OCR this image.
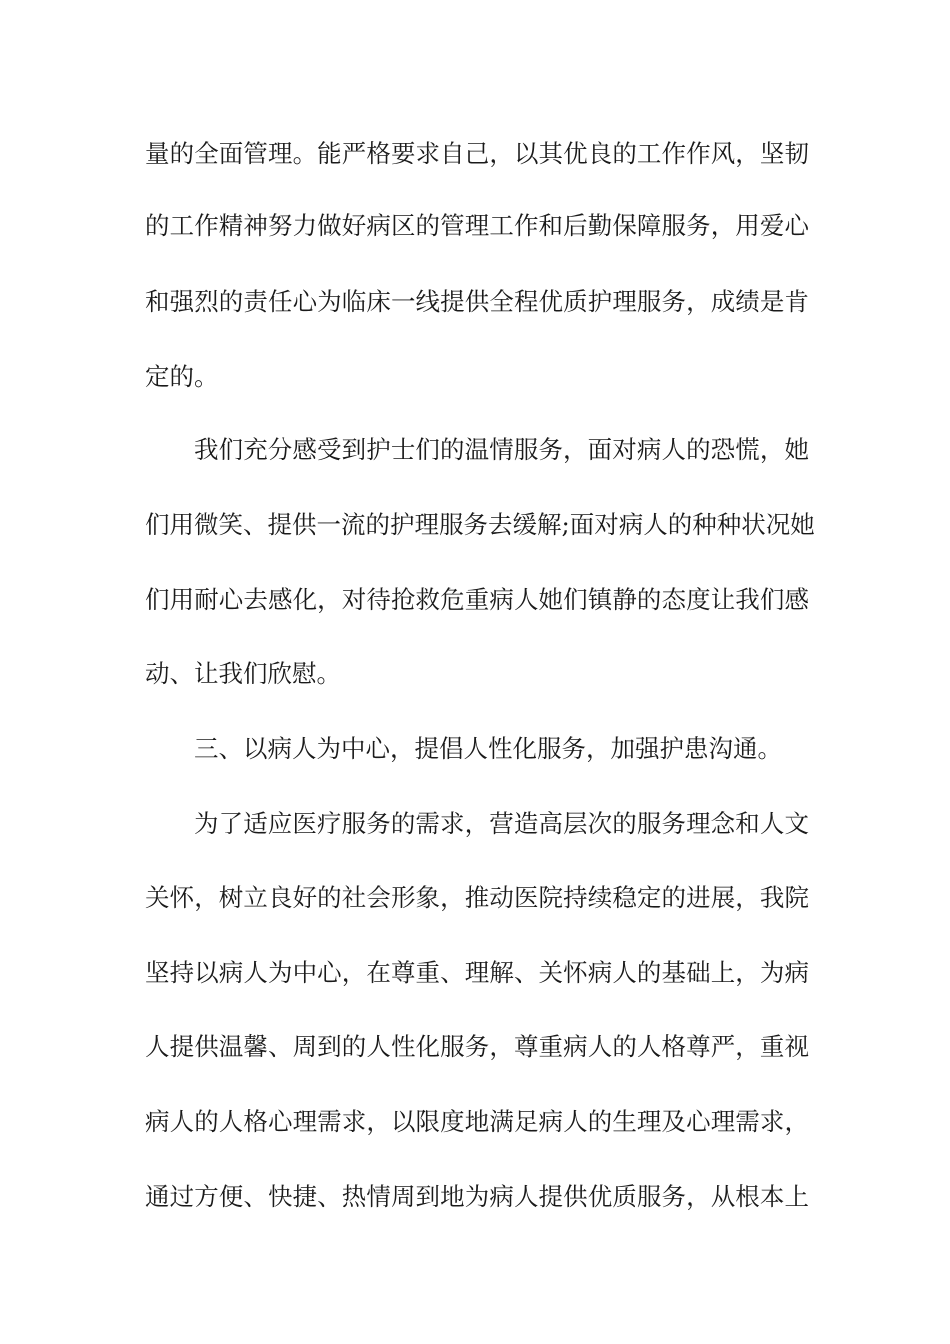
量的全面管理。能严格要求自己，以其优良的工作作风，坚韧
的工作精神努力做好病区的管理工作和后勤保障服务，用爱心
和强烈的责任心为临床一线提供全程优质护理服务，成绩是肯
定的。
我们充分感受到护士们的温情服务，面对病人的恐慌，她
们用微笑、提供一流的护理服务去缓解;面对病人的种种状况她
们用耐心去感化，对待抢救危重病人她们镇静的态度让我们感
动、让我们欣慰。
三、以病人为中心，提倡人性化服务，加强护患沟通。
为了适应医疗服务的需求，营造高层次的服务理念和人文
关怀，树立良好的社会形象，推动医院持续稳定的进展，我院
坚持以病人为中心，在尊重、理解、关怀病人的基础上，为病
人提供温馨、周到的人性化服务，尊重病人的人格尊严，重视
病人的人格心理需求，以限度地满足病人的生理及心理需求，
通过方便、快捷、热情周到地为病人提供优质服务，从根本上
